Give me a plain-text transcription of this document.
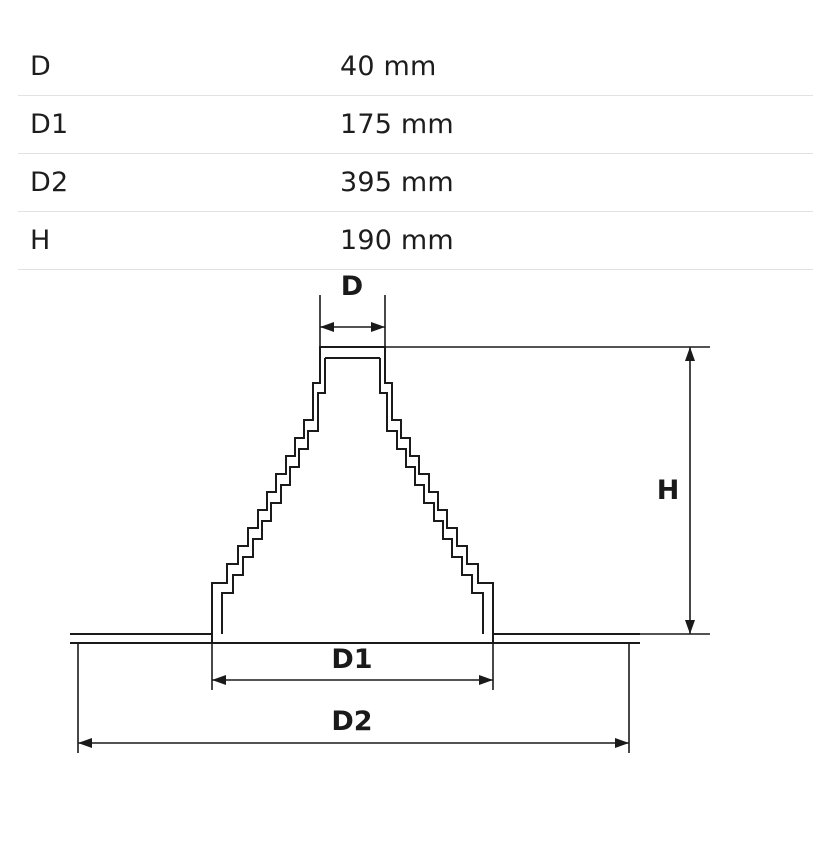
D	40 mm
D1	175 mm
D2	395 mm
H	190 mm
D
H
D1
D2
